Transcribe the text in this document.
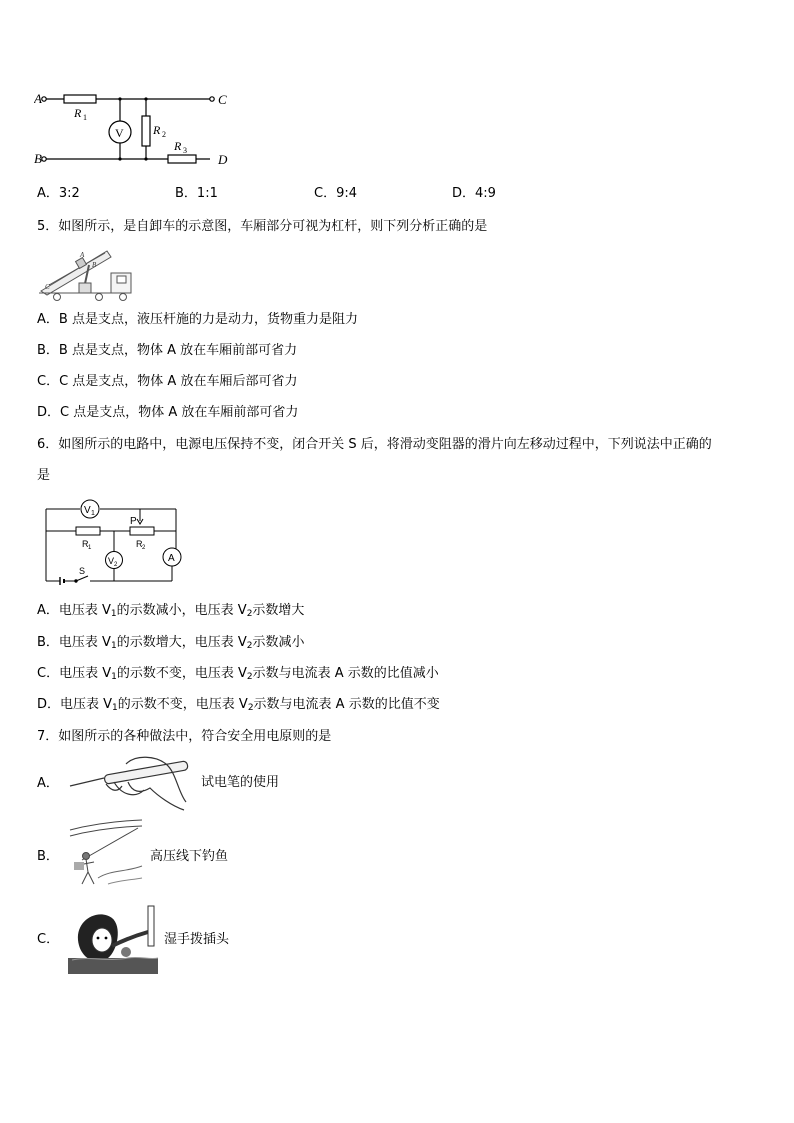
A
B
C
D
R 1
R 2
R 3
V
A．3:2	B．1:1	C．9:4	D．4:9
5．如图所示，是自卸车的示意图，车厢部分可视为杠杆，则下列分析正确的是
A
B
C
A．B 点是支点，液压杆施的力是动力，货物重力是阻力
B．B 点是支点，物体 A 放在车厢前部可省力
C．C 点是支点，物体 A 放在车厢后部可省力
D．C 点是支点，物体 A 放在车厢前部可省力
6．如图所示的电路中，电源电压保持不变，闭合开关 S 后，将滑动变阻器的滑片向左移动过程中，下列说法中正确的
是
V 1
V 2
P
R 1	R 2
A
S
A．电压表 $V_1$的示数减小，电压表 $V_2$示数增大
B．电压表 $V_1$的示数增大，电压表 $V_2$示数减小
C．电压表 $V_1$的示数不变，电压表 $V_2$示数与电流表 A 示数的比值减小
D．电压表 $V_1$的示数不变，电压表 $V_2$示数与电流表 A 示数的比值不变
7．如图所示的各种做法中，符合安全用电原则的是
A．	试电笔的使用
B．	高压线下钓鱼
C．	湿手拨插头
